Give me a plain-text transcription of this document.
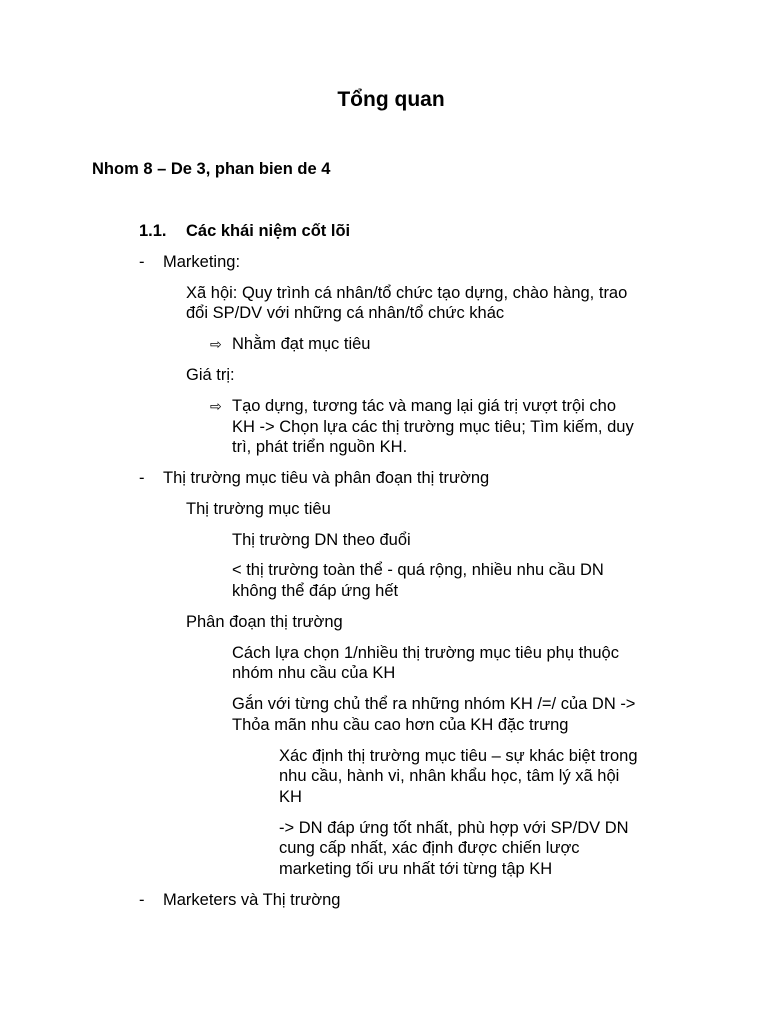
Tổng quan
Nhom 8 – De 3, phan bien de 4
1.1. Các khái niệm cốt lõi
- Marketing:
Xã hội: Quy trình cá nhân/tổ chức tạo dựng, chào hàng, trao
đổi SP/DV với những cá nhân/tổ chức khác
⇨ Nhằm đạt mục tiêu
Giá trị:
⇨ Tạo dựng, tương tác và mang lại giá trị vượt trội cho
KH -> Chọn lựa các thị trường mục tiêu; Tìm kiếm, duy
trì, phát triển nguồn KH.
- Thị trường mục tiêu và phân đoạn thị trường
Thị trường mục tiêu
Thị trường DN theo đuổi
< thị trường toàn thể - quá rộng, nhiều nhu cầu DN
không thể đáp ứng hết
Phân đoạn thị trường
Cách lựa chọn 1/nhiều thị trường mục tiêu phụ thuộc
nhóm nhu cầu của KH
Gắn với từng chủ thể ra những nhóm KH /=/ của DN ->
Thỏa mãn nhu cầu cao hơn của KH đặc trưng
Xác định thị trường mục tiêu – sự khác biệt trong
nhu cầu, hành vi, nhân khẩu học, tâm lý xã hội
KH
-> DN đáp ứng tốt nhất, phù hợp với SP/DV DN
cung cấp nhất, xác định được chiến lược
marketing tối ưu nhất tới từng tập KH
- Marketers và Thị trường
